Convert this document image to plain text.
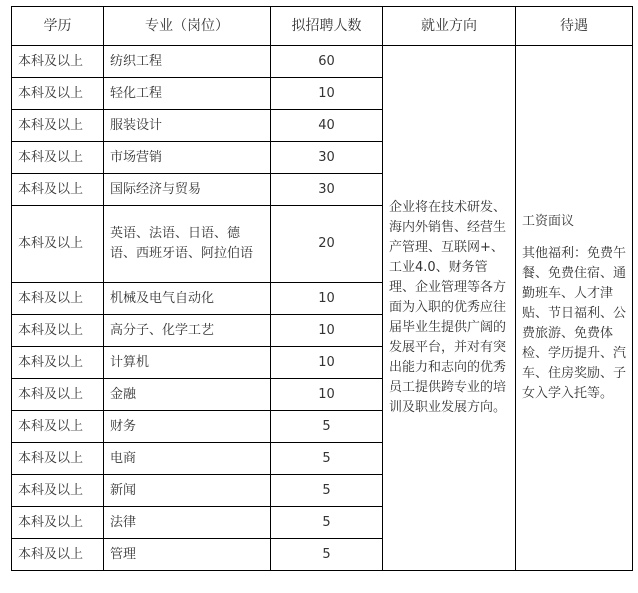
学历	专业（岗位）	拟招聘人数	就业方向	待遇
本科及以上	纺织工程	60	企业将在技术研发、海内外销售、经营生产管理、互联网+、工业4.0、财务管理、企业管理等各方面为入职的优秀应往届毕业生提供广阔的发展平台，并对有突出能力和志向的优秀员工提供跨专业的培训及职业发展方向。	工资面议
其他福利：免费午餐、免费住宿、通勤班车、人才津贴、节日福利、公费旅游、免费体检、学历提升、汽车、住房奖励、子女入学入托等。

本科及以上	轻化工程	10		
本科及以上	服装设计	40		
本科及以上	市场营销	30		
本科及以上	国际经济与贸易	30		
本科及以上	英语、法语、日语、德语、西班牙语、阿拉伯语	20		
本科及以上	机械及电气自动化	10		
本科及以上	高分子、化学工艺	10		
本科及以上	计算机	10		
本科及以上	金融	10		
本科及以上	财务	5		
本科及以上	电商	5		
本科及以上	新闻	5		
本科及以上	法律	5		
本科及以上	管理	5		
